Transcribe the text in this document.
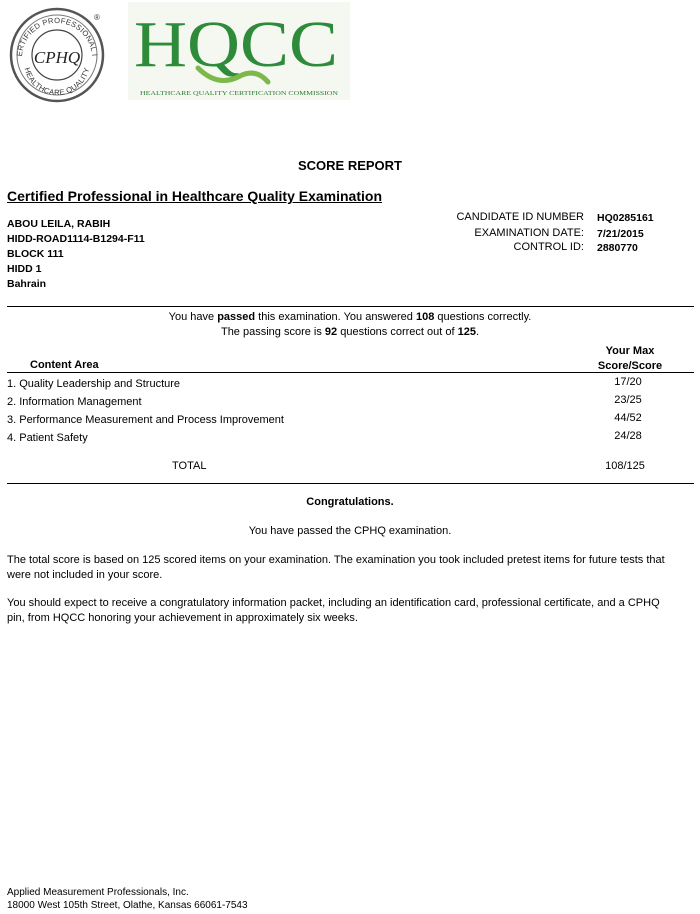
ERTIFIED PROFESSIONAL I
HEALTHCARE QUALITY
CPHQ
® HQCC
HEALTHCARE QUALITY CERTIFICATION COMMISSION
SCORE REPORT
Certified Professional in Healthcare Quality Examination
ABOU LEILA, RABIH
HIDD-ROAD1114-B1294-F11
BLOCK 111
HIDD 1
Bahrain
CANDIDATE ID NUMBER HQ0285161
EXAMINATION DATE: 7/21/2015
CONTROL ID: 2880770
You have passed this examination. You answered 108 questions correctly.
The passing score is 92 questions correct out of 125.
Content Area
Your Max
Score/Score
1. Quality Leadership and Structure	17/20
2. Information Management	23/25
3. Performance Measurement and Process Improvement	44/52
4. Patient Safety	24/28
TOTAL	108/125
Congratulations.
You have passed the CPHQ examination.
The total score is based on 125 scored items on your examination. The examination you took included pretest items for future tests that were not included in your score.
You should expect to receive a congratulatory information packet, including an identification card, professional certificate, and a CPHQ pin, from HQCC honoring your achievement in approximately six weeks.
Applied Measurement Professionals, Inc.
18000 West 105th Street, Olathe, Kansas 66061-7543
